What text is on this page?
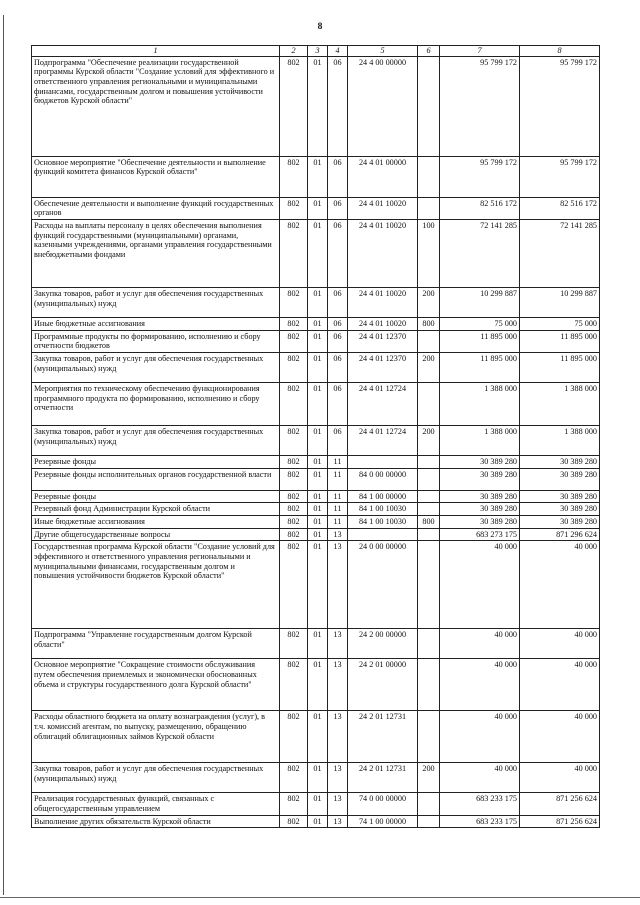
8
1	2	3	4	5	6	7	8
Подпрограмма "Обеспечение реализации государственной программы Курской области "Создание условий для эффективного и ответственного управления региональными и муниципальными финансами, государственным долгом и повышения устойчивости бюджетов Курской области"	802	01	06	24 4 00 00000		95 799 172	95 799 172
Основное мероприятие "Обеспечение деятельности и выполнение функций комитета финансов Курской области"	802	01	06	24 4 01 00000		95 799 172	95 799 172
Обеспечение деятельности и выполнение функций государственных органов	802	01	06	24 4 01 10020		82 516 172	82 516 172
Расходы на выплаты персоналу в целях обеспечения выполнения функций государственными (муниципальными) органами, казенными учреждениями, органами управления государственными внебюджетными фондами	802	01	06	24 4 01 10020	100	72 141 285	72 141 285
Закупка товаров, работ и услуг для обеспечения государственных (муниципальных) нужд	802	01	06	24 4 01 10020	200	10 299 887	10 299 887
Иные бюджетные ассигнования	802	01	06	24 4 01 10020	800	75 000	75 000
Программные продукты по формированию, исполнению и сбору отчетности бюджетов	802	01	06	24 4 01 12370		11 895 000	11 895 000
Закупка товаров, работ и услуг для обеспечения государственных (муниципальных) нужд	802	01	06	24 4 01 12370	200	11 895 000	11 895 000
Мероприятия по техническому обеспечению функционирования программного продукта по формированию, исполнению и сбору отчетности	802	01	06	24 4 01 12724		1 388 000	1 388 000
Закупка товаров, работ и услуг для обеспечения государственных (муниципальных) нужд	802	01	06	24 4 01 12724	200	1 388 000	1 388 000
Резервные фонды	802	01	11			30 389 280	30 389 280
Резервные фонды исполнительных органов государственной власти	802	01	11	84 0 00 00000		30 389 280	30 389 280
Резервные фонды	802	01	11	84 1 00 00000		30 389 280	30 389 280
Резервный фонд Администрации Курской области	802	01	11	84 1 00 10030		30 389 280	30 389 280
Иные бюджетные ассигнования	802	01	11	84 1 00 10030	800	30 389 280	30 389 280
Другие общегосударственные вопросы	802	01	13			683 273 175	871 296 624
Государственная программа Курской области "Создание условий для эффективного и ответственного управления региональными и муниципальными финансами, государственным долгом и повышения устойчивости бюджетов Курской области"	802	01	13	24 0 00 00000		40 000	40 000
Подпрограмма "Управление государственным долгом Курской области"	802	01	13	24 2 00 00000		40 000	40 000
Основное мероприятие "Сокращение стоимости обслуживания путем обеспечения приемлемых и экономически обоснованных объема и структуры государственного долга Курской области"	802	01	13	24 2 01 00000		40 000	40 000
Расходы областного бюджета на оплату вознаграждения (услуг), в т.ч. комиссий агентам, по выпуску, размещению, обращению облигаций облигационных займов Курской области	802	01	13	24 2 01 12731		40 000	40 000
Закупка товаров, работ и услуг для обеспечения государственных (муниципальных) нужд	802	01	13	24 2 01 12731	200	40 000	40 000
Реализация государственных функций, связанных с общегосударственным управлением	802	01	13	74 0 00 00000		683 233 175	871 256 624
Выполнение других обязательств Курской области	802	01	13	74 1 00 00000		683 233 175	871 256 624
